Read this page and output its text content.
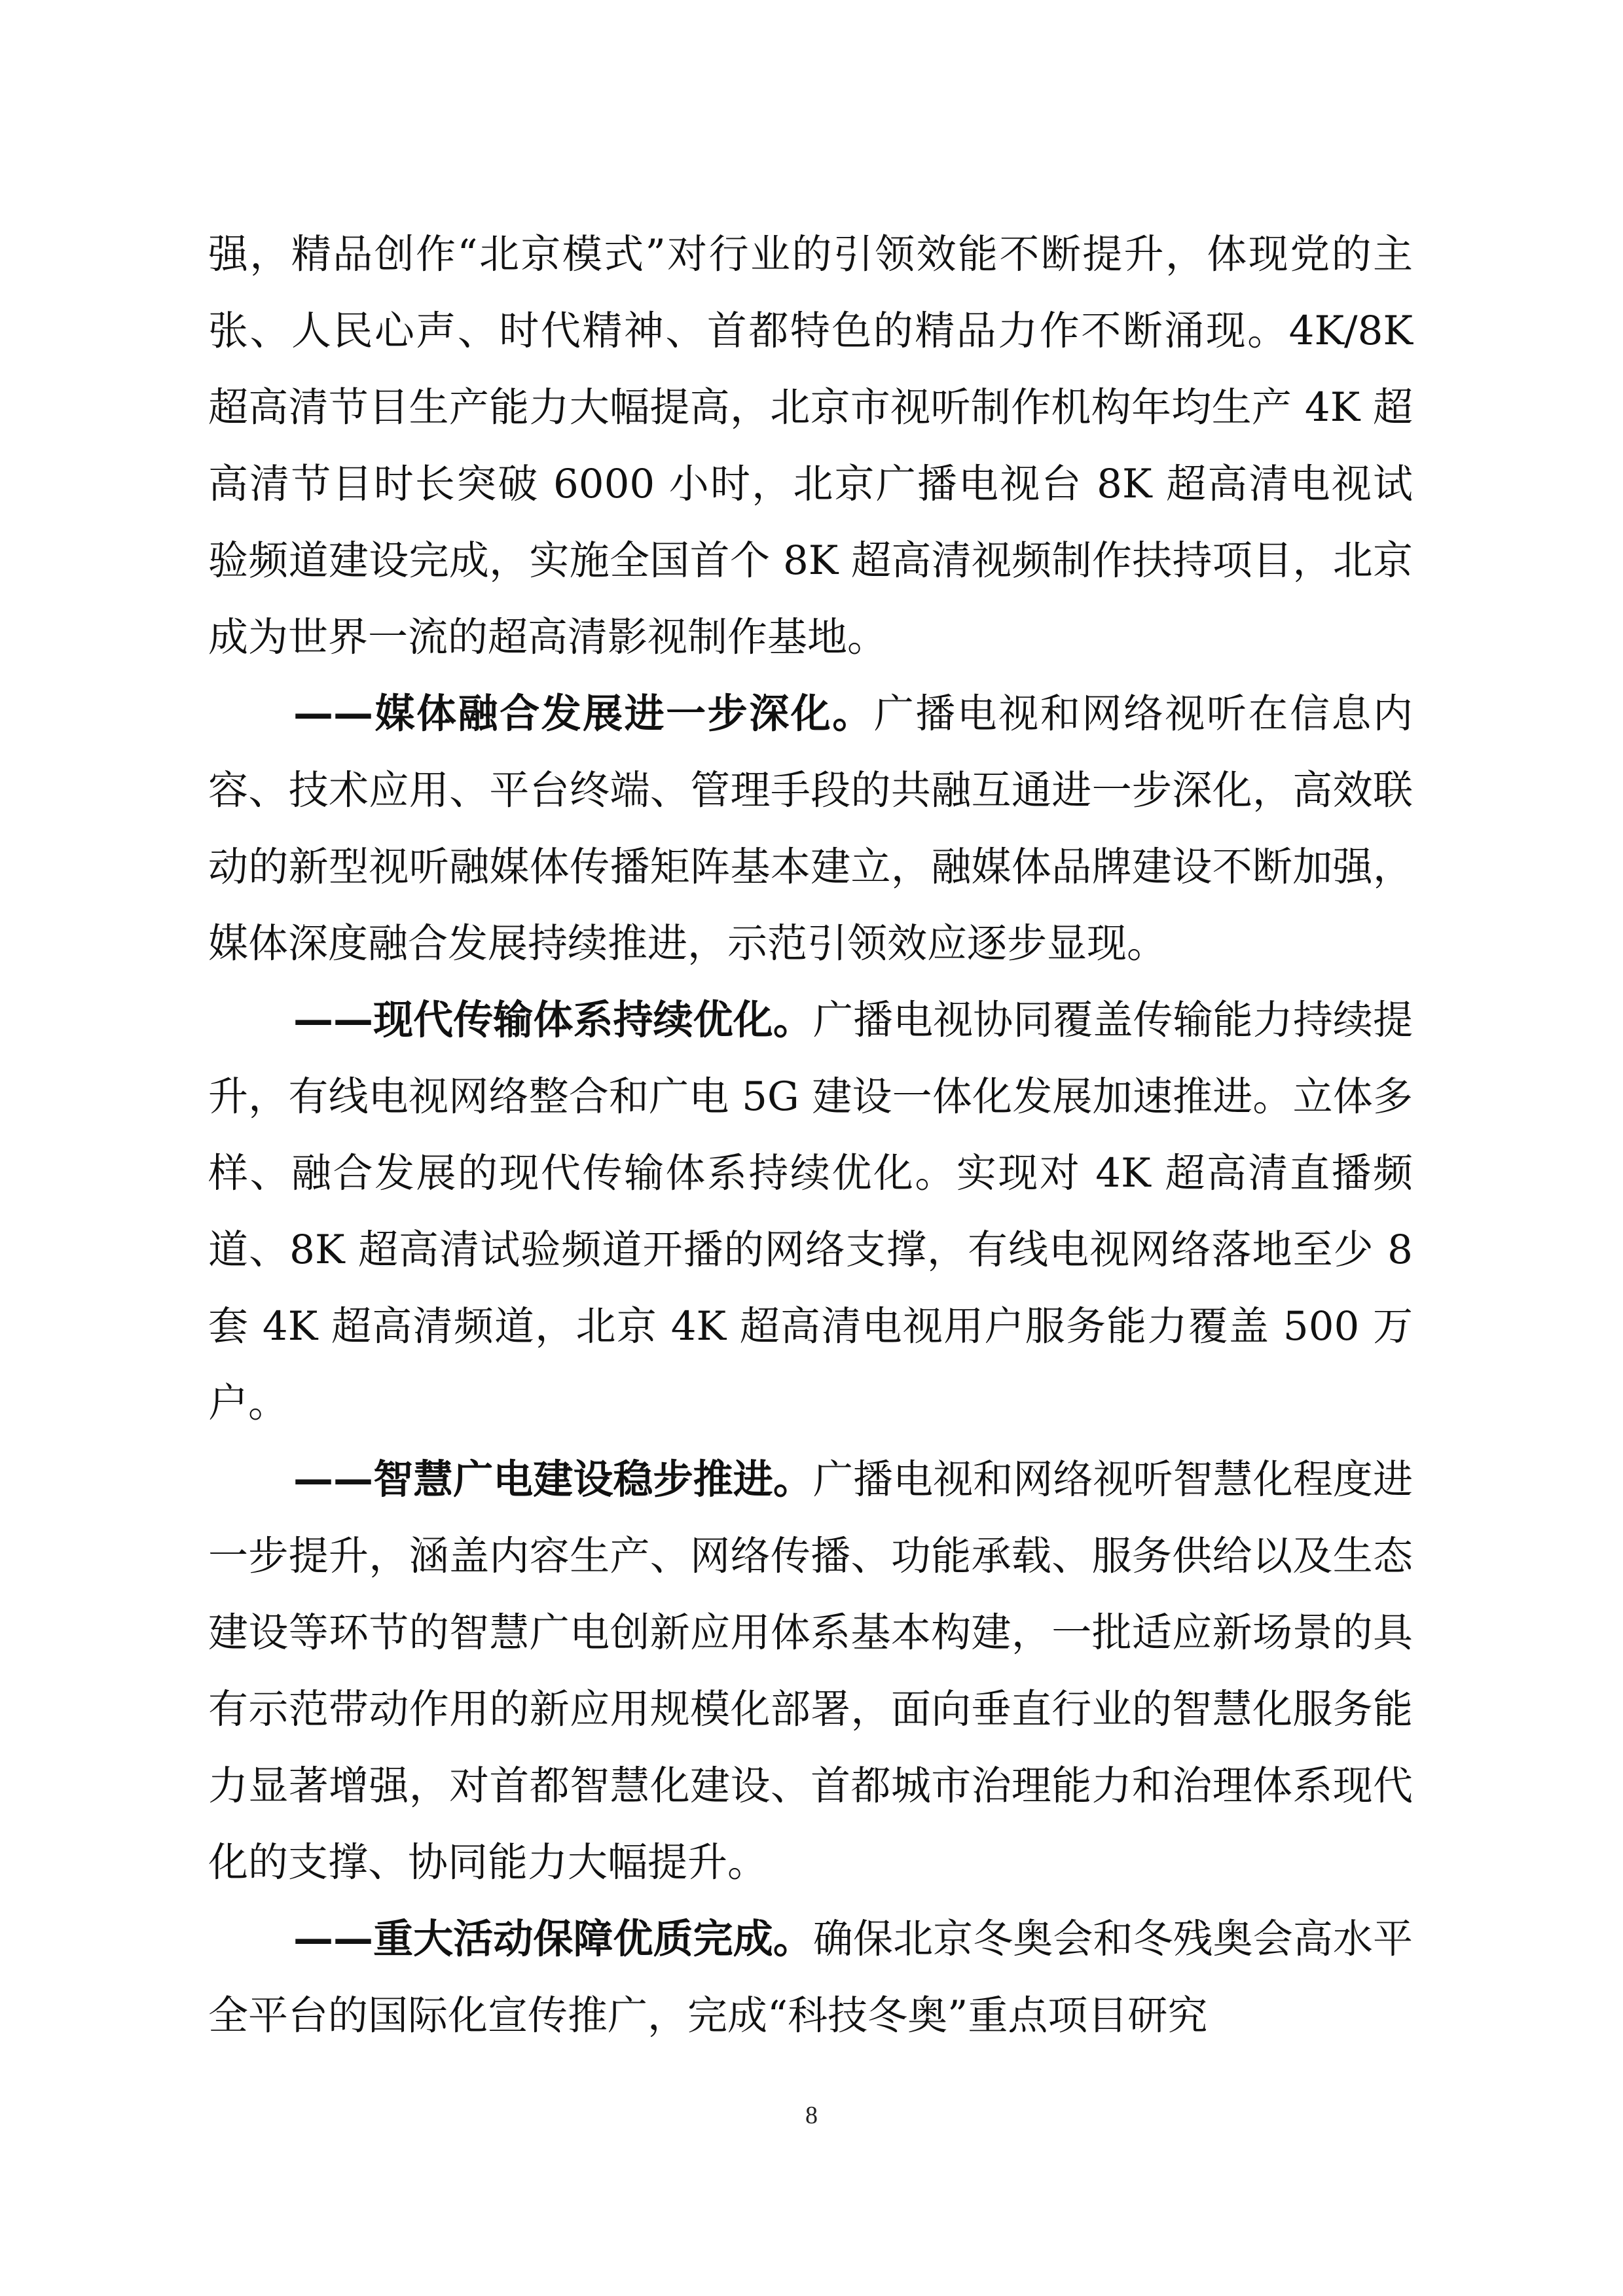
强，精品创作“北京模式”对行业的引领效能不断提升，体现党的主张、人民心声、时代精神、首都特色的精品力作不断涌现。4K/8K 超高清节目生产能力大幅提高，北京市视听制作机构年均生产 4K 超高清节目时长突破 6000 小时，北京广播电视台 8K 超高清电视试验频道建设完成，实施全国首个 8K 超高清视频制作扶持项目，北京成为世界一流的超高清影视制作基地。

——媒体融合发展进一步深化。广播电视和网络视听在信息内容、技术应用、平台终端、管理手段的共融互通进一步深化，高效联动的新型视听融媒体传播矩阵基本建立，融媒体品牌建设不断加强，媒体深度融合发展持续推进，示范引领效应逐步显现。

——现代传输体系持续优化。广播电视协同覆盖传输能力持续提升，有线电视网络整合和广电 5G 建设一体化发展加速推进。立体多样、融合发展的现代传输体系持续优化。实现对 4K 超高清直播频道、8K 超高清试验频道开播的网络支撑，有线电视网络落地至少 8 套 4K 超高清频道，北京 4K 超高清电视用户服务能力覆盖 500 万户。

——智慧广电建设稳步推进。广播电视和网络视听智慧化程度进一步提升，涵盖内容生产、网络传播、功能承载、服务供给以及生态建设等环节的智慧广电创新应用体系基本构建，一批适应新场景的具有示范带动作用的新应用规模化部署，面向垂直行业的智慧化服务能力显著增强，对首都智慧化建设、首都城市治理能力和治理体系现代化的支撑、协同能力大幅提升。

——重大活动保障优质完成。确保北京冬奥会和冬残奥会高水平全平台的国际化宣传推广，完成“科技冬奥”重点项目研究

8
